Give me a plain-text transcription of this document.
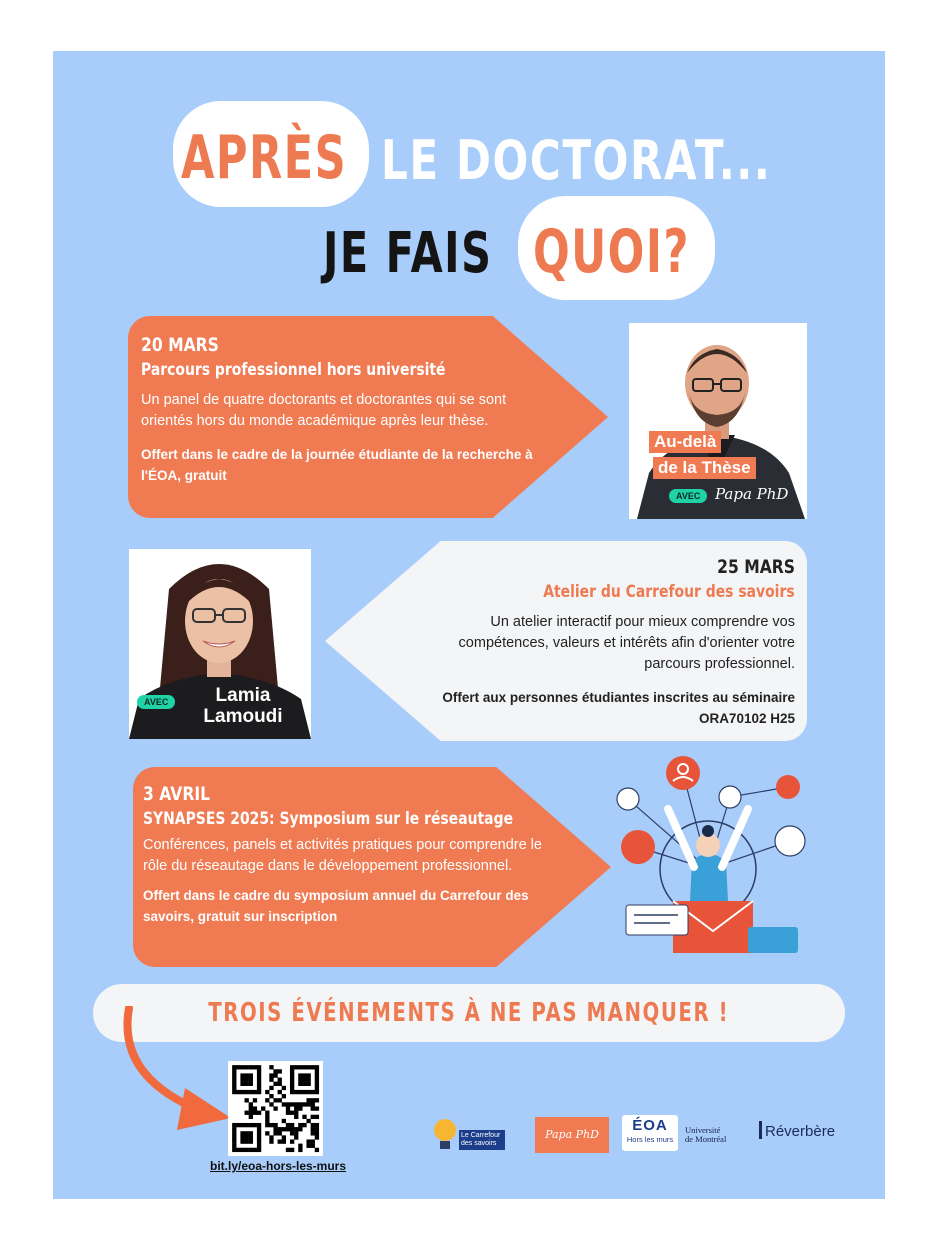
APRÈS LE DOCTORAT...
JE FAIS QUOI?
20 MARS
Parcours professionnel hors université
Un panel de quatre doctorants et doctorantes qui se sont orientés hors du monde académique après leur thèse.
Offert dans le cadre de la journée étudiante de la recherche à l'ÉOA, gratuit
Au-delà
de la Thèse
AVEC Papa PhD
25 MARS
Atelier du Carrefour des savoirs
Un atelier interactif pour mieux comprendre vos compétences, valeurs et intérêts afin d'orienter votre parcours professionnel.
Offert aux personnes étudiantes inscrites au séminaire ORA70102 H25
AVEC	Lamia
Lamoudi
3 AVRIL
SYNAPSES 2025: Symposium sur le réseautage
Conférences, panels et activités pratiques pour comprendre le rôle du réseautage dans le développement professionnel.
Offert dans le cadre du symposium annuel du Carrefour des savoirs, gratuit sur inscription
TROIS ÉVÉNEMENTS À NE PAS MANQUER !
bit.ly/eoa-hors-les-murs
Le Carrefour
des savoirs
Papa PhD
ÉOA
Hors les murs
Université
de Montréal	Réverbère
